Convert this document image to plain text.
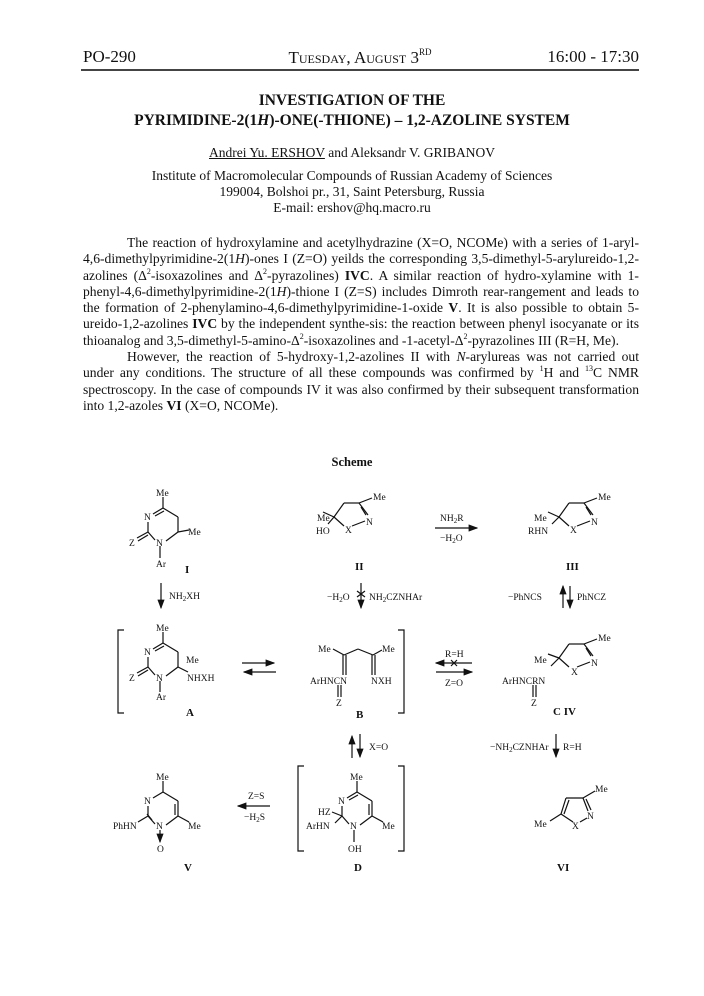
PO-290	Tuesday, August 3RD	16:00 - 17:30
INVESTIGATION OF THE
PYRIMIDINE-2(1H)-ONE(-THIONE) – 1,2-AZOLINE SYSTEM
Andrei Yu. ERSHOV and Aleksandr V. GRIBANOV
Institute of Macromolecular Compounds of Russian Academy of Sciences
199004, Bolshoi pr., 31, Saint Petersburg, Russia
E-mail: ershov@hq.macro.ru

The reaction of hydroxylamine and acetylhydrazine (X=O, NCOMe) with a series of 1-aryl-4,6-dimethylpyrimidine-2(1H)-ones I (Z=O) yeilds the corresponding 3,5-dimethyl-5-arylureido-1,2-azolines ($\Delta^2$-isoxazolines and $\Delta^2-pyrazolines$) IVC. A similar reaction of hydro-xylamine with 1-phenyl-4,6-dimethylpyrimidine-2(1H)-thione I (Z=S) includes Dimroth rear-rangement and leads to the formation of 2-phenylamino-4,6-dimethylpyrimidine-1-oxide V. It is also possible to obtain 5-ureido-1,2-azolines IVC by the independent synthe-sis: the reaction between phenyl isocyanate or its thioanalog and $3,5-dimethyl-5-amino-\Delta^2$-isoxazolines and $-1-acetyl-\Delta^2$-pyrazolines III (R=H, Me).

However, the reaction of 5-hydroxy-1,2-azolines II with N-arylureas was not carried out under any conditions. The structure of all these compounds was confirmed by $^1$H and $^{13}$C NMR spectroscopy. In the case of compounds IV it was also confirmed by their subsequent transformation into 1,2-azoles VI (X=O, NCOMe).

Scheme
Me
N
Z N
Me
Ar I
$NH_2XH$
Me
Me
HO
N
X
II
$NH_2R$
$-H_2O$
Me
Me
RHN
N
X
III
$-H_2O$ $NH_2CZNHAr$	−PhNCS	PhNCZ
Me
N
Me
Z N	NHXH
Ar
A
Me	Me
ArHNCN	NXH
Z
B
R=H
Z=O
Me
Me
ArHNCRN
N
X
Z
C IV
X=O	$-NH_2CZNHAr$ R=H
Me
N
PhHN N	Me
O
V
Z=S
$-H_2S$
Me
N
HZ
ArHN N	Me
OH
D
Me
N
Me	X
VI
